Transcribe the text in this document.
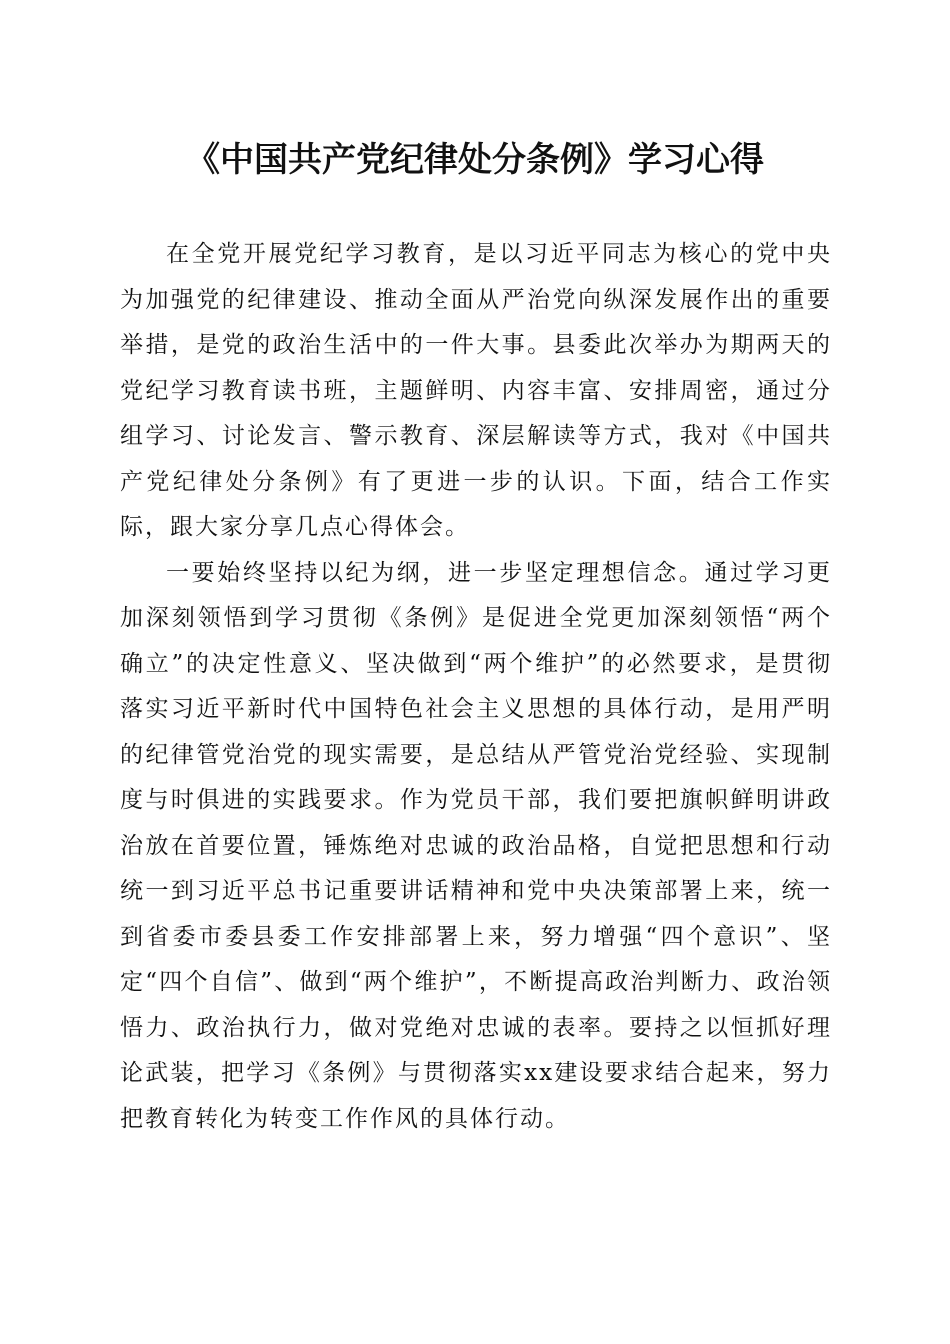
《中国共产党纪律处分条例》学习心得

在全党开展党纪学习教育，是以习近平同志为核心的党中央为加强党的纪律建设、推动全面从严治党向纵深发展作出的重要举措，是党的政治生活中的一件大事。县委此次举办为期两天的党纪学习教育读书班，主题鲜明、内容丰富、安排周密，通过分组学习、讨论发言、警示教育、深层解读等方式，我对《中国共产党纪律处分条例》有了更进一步的认识。下面，结合工作实际，跟大家分享几点心得体会。

一要始终坚持以纪为纲，进一步坚定理想信念。通过学习更加深刻领悟到学习贯彻《条例》是促进全党更加深刻领悟“两个确立”的决定性意义、坚决做到“两个维护”的必然要求，是贯彻落实习近平新时代中国特色社会主义思想的具体行动，是用严明的纪律管党治党的现实需要，是总结从严管党治党经验、实现制度与时俱进的实践要求。作为党员干部，我们要把旗帜鲜明讲政治放在首要位置，锤炼绝对忠诚的政治品格，自觉把思想和行动统一到习近平总书记重要讲话精神和党中央决策部署上来，统一到省委市委县委工作安排部署上来，努力增强“四个意识”、坚定“四个自信”、做到“两个维护”，不断提高政治判断力、政治领悟力、政治执行力，做对党绝对忠诚的表率。要持之以恒抓好理论武装，把学习《条例》与贯彻落实xx建设要求结合起来，努力把教育转化为转变工作作风的具体行动。
